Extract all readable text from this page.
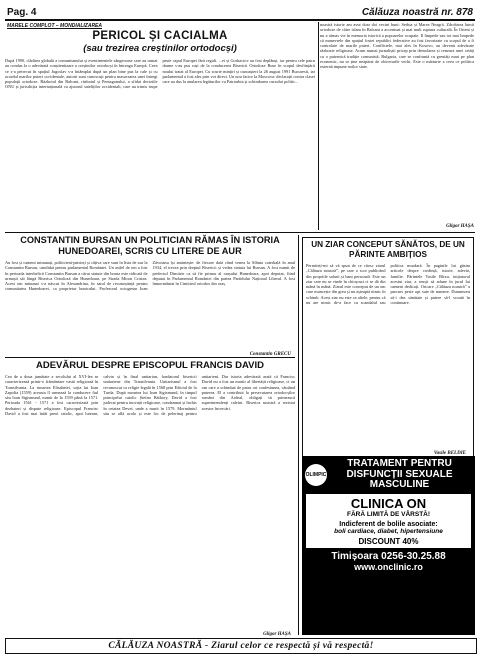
Pag. 4	Călăuza noastră nr. 878
MARELE COMPLOT – MONDIALIZAREA
PERICOL ȘI CACIALMA
(sau trezirea creștinilor ortodocși)
După 1990, clădirea globală a comunismului și eventimentele sângeroase care au urmat au condus la o adevărată conștientizare a creștinilor ortodocși în întreaga Europă. Ceea ce s-a petrecut în spațiul Jugoslav s-a întâmplat după un plan bine pus la cale și cu acordul marilor puteri occidentale, autorii sunt cunoscuți pentru masacrarea unei întregi populații ortodoxe. Războiul din Balcani, războiul și Pentagonului, a sfidat deciziile ONU și jurisdicția internațională cu ajutorul sateliților occidentali, care au trimis trupe peste capul Europei fără reguli. ...ei și Gorbaciov au fost deplânși, iar pentru cele patru drame s-au pus ruși de la conducerea Bisericii Ortodoxe Ruse în scopul desființării noului tratat al Europei. Cu scurte mințiri și cunoașteri la 26 august 1991 Bucuresti, iar parlamentul a fost ales prin vot direct. Un nou factor la Moscova: declarații contra clasei care au dus la anularea legăturilor cu Patriarhia și schimbarea cursului politic...
noastră istorie am avut doar doi vecini buni: Serbia și Marea Neagră. Zdrobirea lumii ortodoxe de către islam în Balcani a accentuat și mai mult ruptura culturală. În Orient și nu a rămas vie în memoria istorică a popoarelor ocupate. Il limpede sau tot mai limpede că manevrele din spațiul fostei republici federative au fost favorizate cu scopul de a fi controlate de marile puteri. Conflictele, mai ales în Kosovo, au devenit adevărate războaie religioase. Acum numai jurnaliștii pricep prin demolarea și cenzura unei cetăți cu o puternică tradiție comunistă. Bulgaria, care se confruntă cu greutăți mari pe plan economic, nu se ține neapărat de obiceiurile vechi. Este o mărturie a ceea ce politica externă impune noilor state.
Gligor HAȘA
CONSTANTIN BURSAN UN POLITICIAN RĂMAS ÎN ISTORIA HUNEDOAREI, SCRIS CU LITERE DE AUR
Au fost și cameni minunați, politicieni-patrioți și câțiva care sunt în lista de aur la Constantin Bursan, candidat pentru parlamentul României. Un astfel de om a fost în perioada interbelică Constantin Bursan a cărui statuie din bronz este ridicată de urmașii săi lângă Biserica Ortodoxă din Hunedoara, pe Strada Miron Cristea. Acest om minunat s-a născut în Alexandrina, în satul de recunoștință pentru comunitatea Hunedoarei, ca proprietar bunicului. Profesorul octogenar Ioan Zăvoianu își amintește: de fiecare dată când venea la Sfânta catedrală în anul 1934, el trecea prin dreptul Bisericii și vedea statuia lui Bursan. A fost numit de prefectul Dimitrie ca să fie primar al orașului Hunedoara, apoi deputat, fiind deputat în Parlamentul României din partea Partidului Național Liberal. A fost înmormântat în Cimitirul ortodox din oraș.
Constantin GRECU
UN ZIAR CONCEPUT SĂNĂTOS, DE UN PĂRINTE AMBIȚIOS
Permiteți-mi să vă spun de ce citesc ziarul „Călăuza noastră”, pe care o scot publicând din propriile salarii și bani personali. Este un ziar care nu se vinde în chioșcuri ci se dă din mână în mână. Ziarul este conceput de un om care muncește din greu și nu așteaptă nimic în schimb. Acest ziar nu este ca altele, pentru că nu are nimic de-a face cu scandalul sau politica murdară. În paginile lui găsim articole despre credință, istorie, adevăr, familie. Părintele Vasile Bîrzu, inițiatorul acestui ziar, a reușit să adune în jurul lui oameni dedicați. Oricare „Călăuza noastră” a parcurs peste opt sute de numere. Dumnezeu să-i dea sănătate și putere să-l scoată în continuare.
Vasile BELDIE
ADEVĂRUL DESPRE EPISCOPUL FRANCIS DAVID
Cea de a doua jumătate a secolului al XVI-lea se caracterizează printr-o frământare vastă religioasă în Transilvania. La moartea Elisabetei, soția lui Ioan Zapolia (1559) aceasta îl urmează la conducere fiul său Ioan Sigismund, numit de la 1559 până la 1571. Perioada 1561 - 1571 a fost caracterizată prin dezbateri și dispute religioase. Episcopul Francisc David a fost mai întâi preot catolic, apoi luteran, calvin și în final unitarian, fondatorul bisericii unitariene din Transilvania. Unitarismul a fost recunoscut ca religie legală în 1568 prin Edictul de la Turda. După moartea lui Ioan Sigismund, în timpul principelui catolic Ștefan Báthory, David a fost judecat pentru inovații religioase, condamnat și închis în cetatea Devei, unde a murit în 1579. Mormântul său se află acolo și este loc de pelerinaj pentru unitarieni. Dar istoria adevărată arată că Francisc David nu a fost un martir al libertății religioase, ci un om care a schimbat de patru ori confesiunea, căutând puterea. El a contribuit la persecutarea ortodocșilor români din Ardeal, obligați să primească superintendenți calvini. Biserica noastră a rezistat acestor încercări.
Gligor HAȘA
OLIMPIC
TRATAMENT PENTRU DISFUNCȚII SEXUALE MASCULINE
CLINICA ON
FĂRĂ LIMITĂ DE VÂRSTĂ!
Indicferent de bolile asociate:
boli cardiace, diabet, hipertensiune
DISCOUNT 40%
Timișoara 0256-30.25.88
www.onclinic.ro
CĂLĂUZA NOASTRĂ - Ziarul celor ce respectă și vă respectă!
